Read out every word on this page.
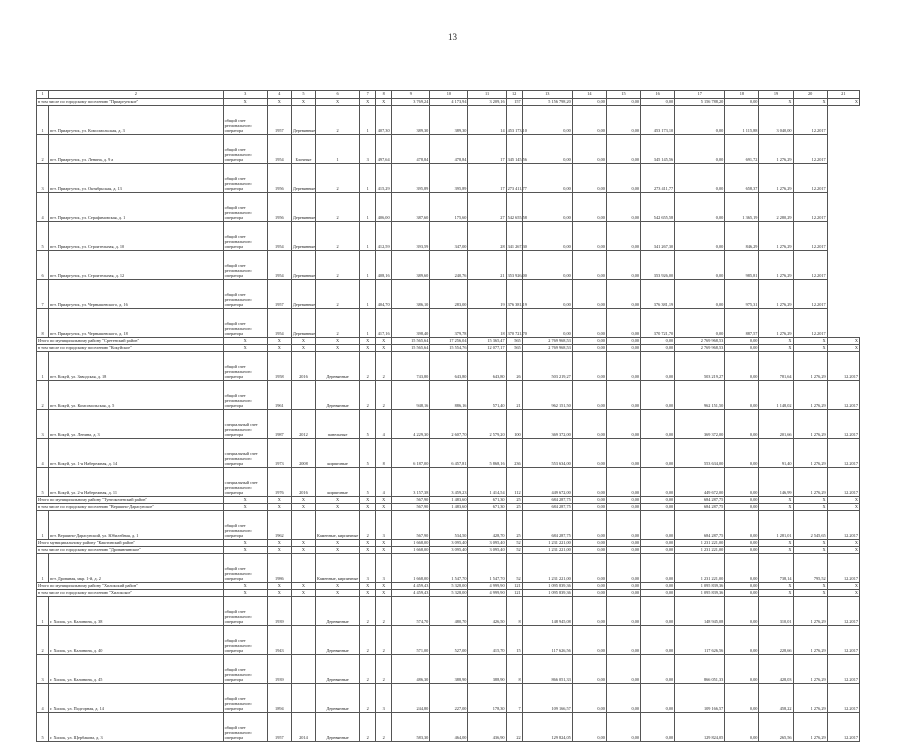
13
1	2	3	4	5	6	7	8	9	10	11	12	13	14	15	16	17	18	19	20	21
в том числе по городскому поселению "Приаргунское"		X	X	X	X	X	X	3 769,24	4 173,94	3 209,16	157	5 156 798,20	0,00	0,00	0,00	5 156 788,20	0,00	X	X	X
1	пгт. Приаргунск, ул. Комсомольская, д. 3	общий счет регионального оператора	1957	Деревянные	2	1	407,30	389,30	389,30	14	453 173,10	0,00	0,00	0,00	453 173,10	0,00	1 115,88	3 040,00	12.2017	
2	пгт. Приаргунск, ул. Ленина, д. 9 а	общий счет регионального оператора	1954	Блочные	1	3	497,64	478,84	478,84	17	345 145,56	0,00	0,00	0,00	345 145,56	0,00	691,72	1 276,29	12.2017	
3	пгт. Приаргунск, ул. Октябрьская, д. 13	общий счет регионального оператора	1956	Деревянные	2	1	415,29	395,89	395,89	17	273 411,77	0,00	0,00	0,00	273 411,77	0,00	658,37	1 276,29	12.2017	
4	пгт. Приаргунск, ул. Серафимовская, д. 1	общий счет регионального оператора	1956	Деревянные	2	1	406,00	387,60	175,60	27	542 655,58	0,00	0,00	0,00	542 655,58	0,00	1 365,19	2 280,29	12.2017	
5	пгт. Приаргунск, ул. Строительная, д. 10	общий счет регионального оператора	1954	Деревянные	2	1	412,59	393,59	347,00	28	341 267,30	0,00	0,00	0,00	341 267,30	0,00	846,29	1 276,29	12.2017	
6	пгт. Приаргунск, ул. Строительная, д. 12	общий счет регионального оператора	1954	Деревянные	2	1	408,16	389,60	240,76	21	353 926,00	0,00	0,00	0,00	353 926,00	0,00	985,81	1 276,29	12.2017	
7	пгт. Приаргунск, ул. Чернышевского, д. 16	общий счет регионального оператора	1957	Деревянные	2	1	404,70	386,10	283,00	19	376 381,19	0,00	0,00	0,00	376 381,19	0,00	975,31	1 276,29	12.2017	
8	пгт. Приаргунск, ул. Чернышевского, д. 18	общий счет регионального оператора	1954	Деревянные	2	1	417,16	398,40	379,78	18	370 721,70	0,00	0,00	0,00	370 721,70	0,00	887,57	1 276,29	12.2017	
Итого по муниципальному району "Сретенский район"		X	X	X	X	X	X	15 565,64	17 256,04	15 365,47	565	2 769 968,53	0,00	0,00	0,00	2 769 968,53	0,00	X	X	X
в том числе по городскому поселению "Кокуйское"		X	X	X	X	X	X	15 565,64	15 554,76	12 077,17	565	2 769 968,53	0,00	0,00	0,00	2 769 968,53	0,00	X	X	X
1	пгт. Кокуй, ул. Заводская, д. 18	общий счет регионального оператора	1958	2016	Деревянные	2	2	743,80	643,80	643,80	26	503 219,27	0,00	0,00	0,00	503 219,27	0,00	781,64	1 276,29	12.2017
2	пгт. Кокуй, ул. Комсомольская, д. 5	общий счет регионального оператора	1961		Деревянные	2	2	948,16	886,16	571,40	21	962 151,50	0,00	0,00	0,00	962 151,50	0,00	1 148,02	1 276,29	12.2017
3	пгт. Кокуй, ул. Ленина, д. 3	специальный счет регионального оператора	1987	2012	панельные	5	4	4 229,30	2 607,70	2 579,20	100	369 372,00	0,00	0,00	0,00	369 372,00	0,00	201,66	1 276,29	12.2017
4	пгт. Кокуй, ул. 1-я Набережная, д. 14	специальный счет регионального оператора	1973	2008	кирпичные	5	8	6 187,00	6 457,81	5 868,16	236	553 634,00	0,00	0,00	0,00	553 634,00	0,00	91,40	1 276,29	12.2017
5	пгт. Кокуй, ул. 2-я Набережная, д. 11	специальный счет регионального оператора	1976	2016	кирпичные	5	4	3 157,38	3 459,23	1 414,54	112	449 672,00	0,00	0,00	0,00	449 672,00	0,00	146,99	1 276,29	12.2017
Итого по муниципальному району "Тунгокоченский район"		X	X	X	X	X	X	567,90	1 483,60	671,30	25	684 287,75	0,00	0,00	0,00	684 287,75	0,00	X	X	X
в том числе по городскому поселению "Вершино-Дарасунское"		X	X	X	X	X	X	567,90	1 483,60	671,30	25	684 287,75	0,00	0,00	0,00	684 287,75	0,00	X	X	X
1	пгт. Вершино-Дарасунский, ул. Юбилейная, д. 1	общий счет регионального оператора	1962		Каменные, кирпичные	2	3	567,90	534,50	428,70	25	684 287,75	0,00	0,00	0,00	684 287,75	0,00	1 281,01	2 545,65	12.2017
Итого муниципальному району "Каштинский район"		X	X	X	X	X	X	1 668,00	3 095,40	3 095,40	52	1 231 221,00	0,00	0,00	0,00	1 231 221,00	0,00	X	X	X
в том числе по городскому поселению "Дровяннинское"		X	X	X	X	X	X	1 668,00	3 095,40	3 095,40	52	1 231 221,00	0,00	0,00	0,00	1 231 221,00	0,00	X	X	X
1	пгт. Дровяная, мкр. 1-й, д. 2	общий счет регионального оператора	1986		Каменные, кирпичные	3	3	1 668,00	1 547,70	1 547,70	52	1 231 221,00	0,00	0,00	0,00	1 231 221,00	0,00	738,14	795,52	12.2017
Итого по муниципальному району "Хилокский район"		X	X	X	X	X	X	4 459,43	5 328,00	4 999,90	121	1 095 839,36	0,00	0,00	0,00	1 095 839,36	0,00	X	X	X
в том числе по городскому поселению "Хилокское"		X	X	X	X	X	X	4 459,43	5 328,00	4 999,90	121	1 095 839,36	0,00	0,00	0,00	1 095 839,36	0,00	X	X	X
1	г. Хилок, ул. Калинина, д. 38	общий счет регионального оператора	1939		Деревянные	2	2	574,70	480,70	426,50	8	148 945,08	0,00	0,00	0,00	148 945,08	0,00	310,01	1 276,29	12.2017
2	г. Хилок, ул. Калинина, д. 40	общий счет регионального оператора	1943		Деревянные	2	2	571,00	527,00	415,70	15	117 626,56	0,00	0,00	0,00	117 626,56	0,00	228,66	1 276,29	12.2017
3	г. Хилок, ул. Калинина, д. 45	общий счет регионального оператора	1939		Деревянные	2	2	486,30	388,90	388,90	8	866 051,33	0,00	0,00	0,00	866 051,33	0,00	428,03	1 276,29	12.2017
4	г. Хилок, ул. Подгорная, д. 14	общий счет регионального оператора	1894		Деревянные	2	3	244,80	227,00	178,30	7	109 166,57	0,00	0,00	0,00	109 166,57	0,00	458,22	1 276,29	12.2017
5	г. Хилок, ул. Щербакова, д. 3	общий счет регионального оператора	1957	2014	Деревянные	2	2	583,30	464,00	436,90	22	129 824,05	0,00	0,00	0,00	129 824,05	0,00	265,56	1 276,29	12.2017
